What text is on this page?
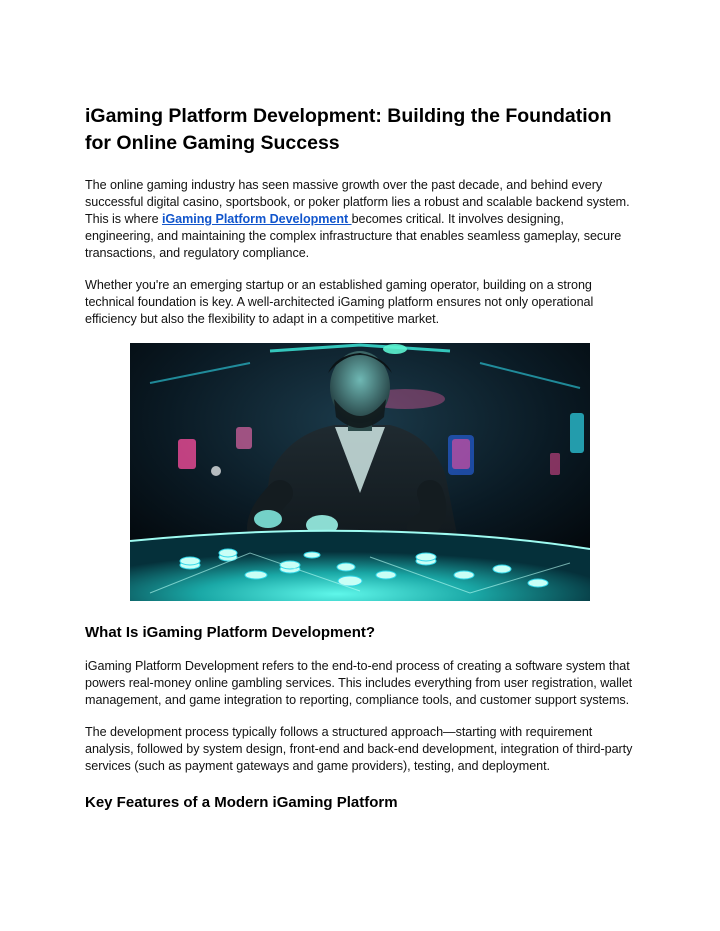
iGaming Platform Development: Building the Foundation for Online Gaming Success

The online gaming industry has seen massive growth over the past decade, and behind every successful digital casino, sportsbook, or poker platform lies a robust and scalable backend system. This is where iGaming Platform Development becomes critical. It involves designing, engineering, and maintaining the complex infrastructure that enables seamless gameplay, secure transactions, and regulatory compliance.

Whether you're an emerging startup or an established gaming operator, building on a strong technical foundation is key. A well-architected iGaming platform ensures not only operational efficiency but also the flexibility to adapt in a competitive market.

What Is iGaming Platform Development?

iGaming Platform Development refers to the end-to-end process of creating a software system that powers real-money online gambling services. This includes everything from user registration, wallet management, and game integration to reporting, compliance tools, and customer support systems.

The development process typically follows a structured approach—starting with requirement analysis, followed by system design, front-end and back-end development, integration of third-party services (such as payment gateways and game providers), testing, and deployment.

Key Features of a Modern iGaming Platform
